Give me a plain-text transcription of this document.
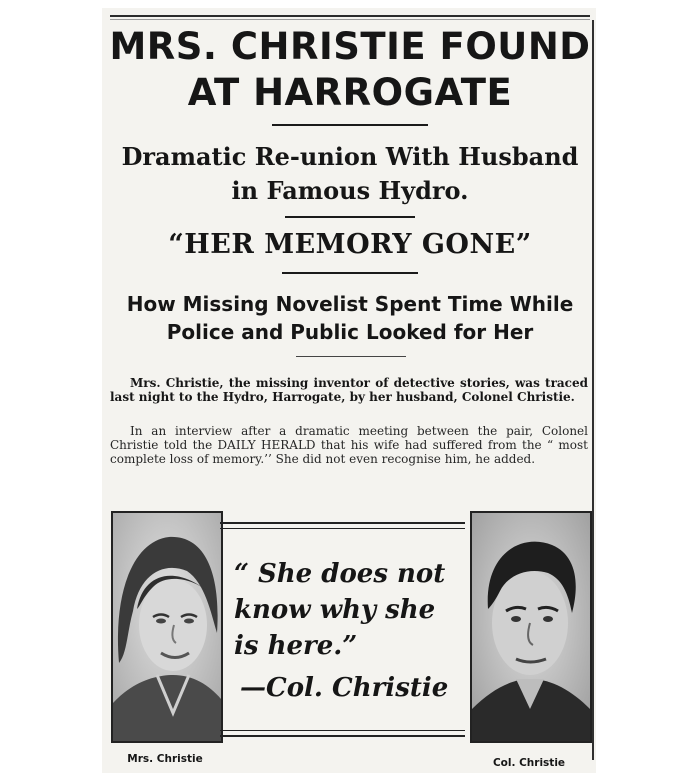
MRS. CHRISTIE FOUND
AT HARROGATE
Dramatic Re-union With Husband
in Famous Hydro.
“HER MEMORY GONE”
How Missing Novelist Spent Time While
Police and Public Looked for Her

Mrs. Christie, the missing inventor of detective stories, was traced last night to the Hydro, Harrogate, by her husband, Colonel Christie.

In an interview after a dramatic meeting between the pair, Colonel Christie told the DAILY HERALD that his wife had suffered from the “ most complete loss of memory.’’ She did not even recognise him, he added.

Mrs. Christie	Col. Christie

“ She does not

know why she

is here.”

—Col. Christie
